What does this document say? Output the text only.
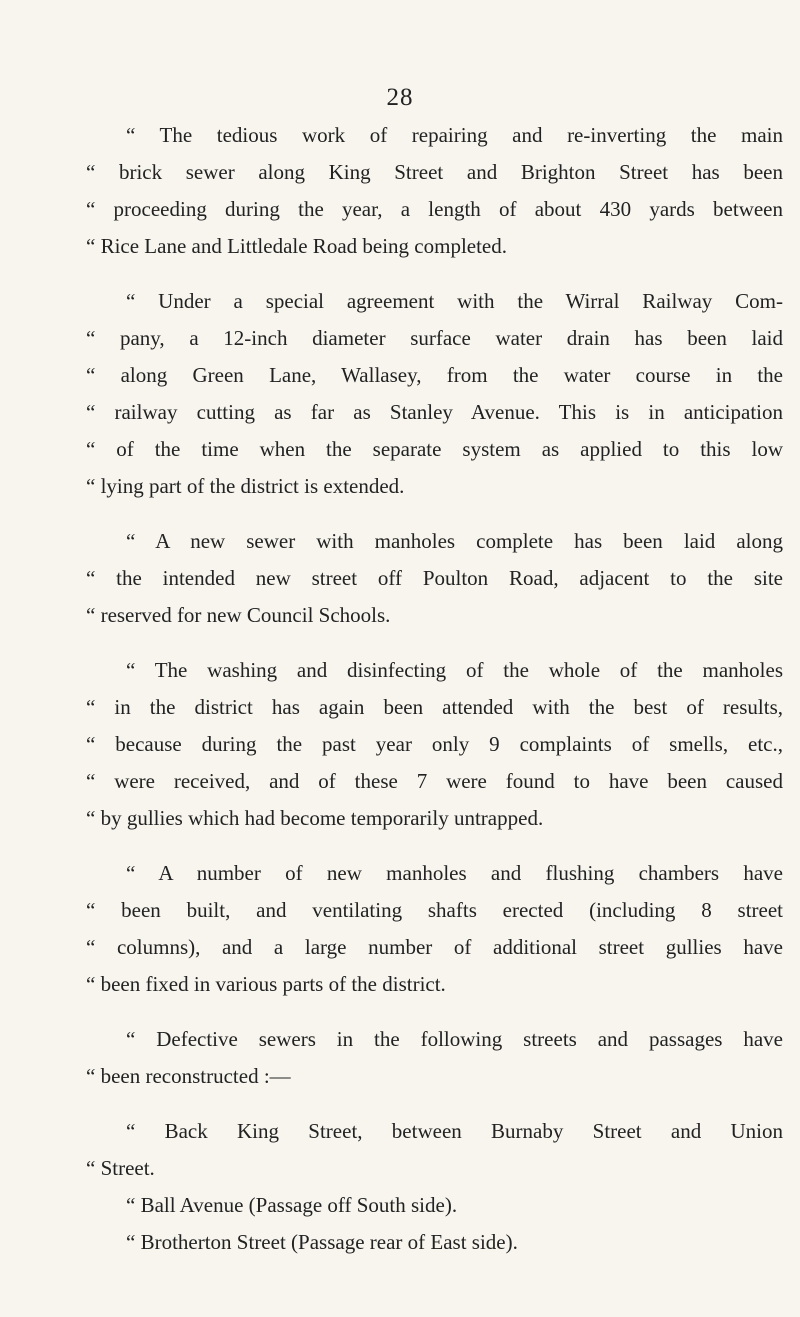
28
“ The tedious work of repairing and re-inverting the main
“ brick sewer along King Street and Brighton Street has been
“ proceeding during the year, a length of about 430 yards between
“ Rice Lane and Littledale Road being completed.
“ Under a special agreement with the Wirral Railway Com-
“ pany, a 12-inch diameter surface water drain has been laid
“ along Green Lane, Wallasey, from the water course in the
“ railway cutting as far as Stanley Avenue. This is in anticipation
“ of the time when the separate system as applied to this low
“ lying part of the district is extended.
“ A new sewer with manholes complete has been laid along
“ the intended new street off Poulton Road, adjacent to the site
“ reserved for new Council Schools.
“ The washing and disinfecting of the whole of the manholes
“ in the district has again been attended with the best of results,
“ because during the past year only 9 complaints of smells, etc.,
“ were received, and of these 7 were found to have been caused
“ by gullies which had become temporarily untrapped.
“ A number of new manholes and flushing chambers have
“ been built, and ventilating shafts erected (including 8 street
“ columns), and a large number of additional street gullies have
“ been fixed in various parts of the district.
“ Defective sewers in the following streets and passages have
“ been reconstructed :—
“ Back King Street, between Burnaby Street and Union
“ Street.
“ Ball Avenue (Passage off South side).
“ Brotherton Street (Passage rear of East side).
